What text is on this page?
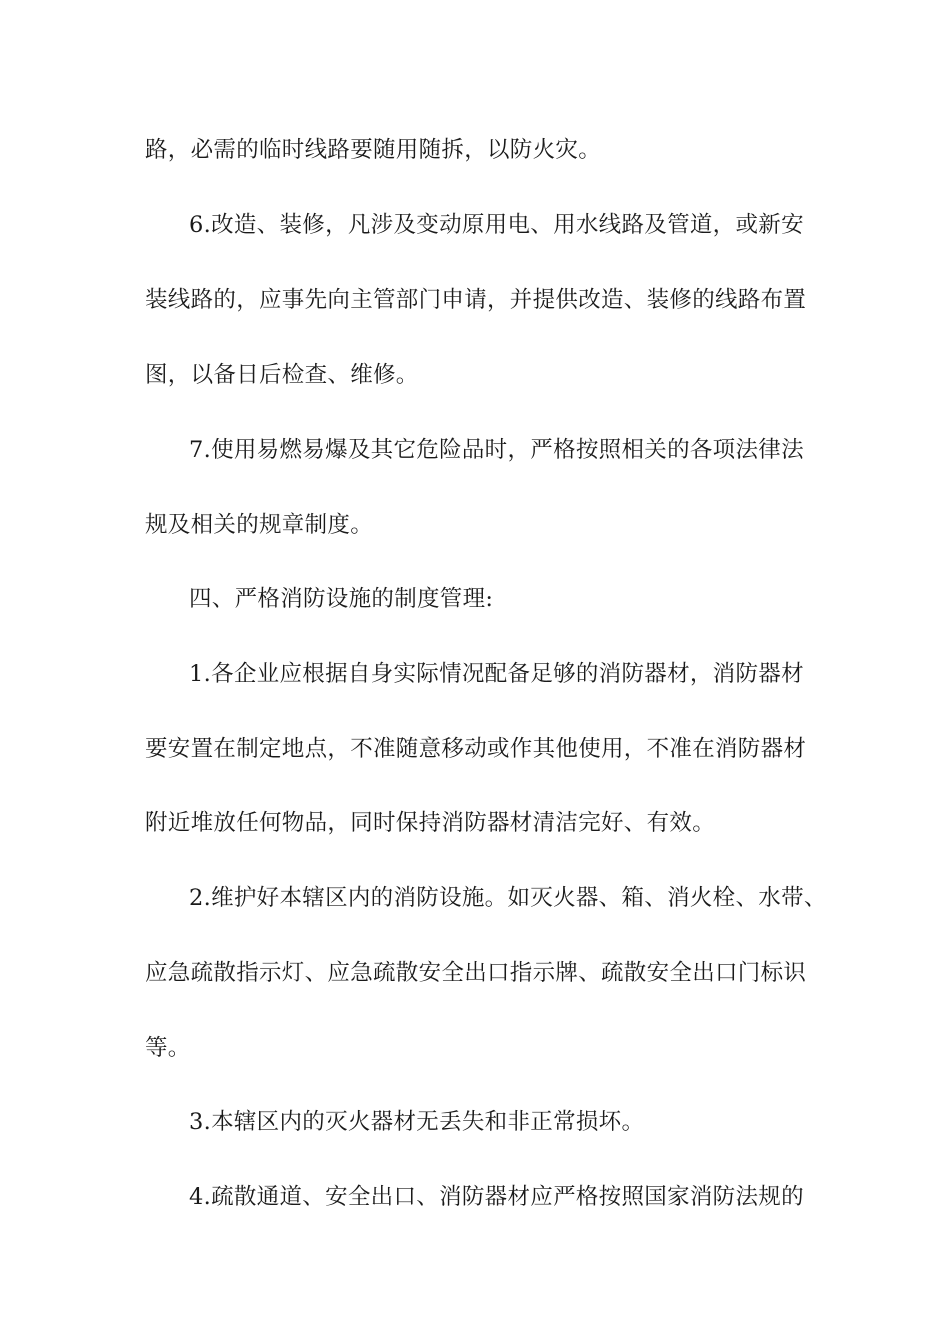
路，必需的临时线路要随用随拆，以防火灾。
6.改造、装修，凡涉及变动原用电、用水线路及管道，或新安
装线路的，应事先向主管部门申请，并提供改造、装修的线路布置
图，以备日后检查、维修。
7.使用易燃易爆及其它危险品时，严格按照相关的各项法律法
规及相关的规章制度。
四、严格消防设施的制度管理:
1.各企业应根据自身实际情况配备足够的消防器材，消防器材
要安置在制定地点，不准随意移动或作其他使用，不准在消防器材
附近堆放任何物品，同时保持消防器材清洁完好、有效。
2.维护好本辖区内的消防设施。如灭火器、箱、消火栓、水带、
应急疏散指示灯、应急疏散安全出口指示牌、疏散安全出口门标识
等。
3.本辖区内的灭火器材无丢失和非正常损坏。
4.疏散通道、安全出口、消防器材应严格按照国家消防法规的
